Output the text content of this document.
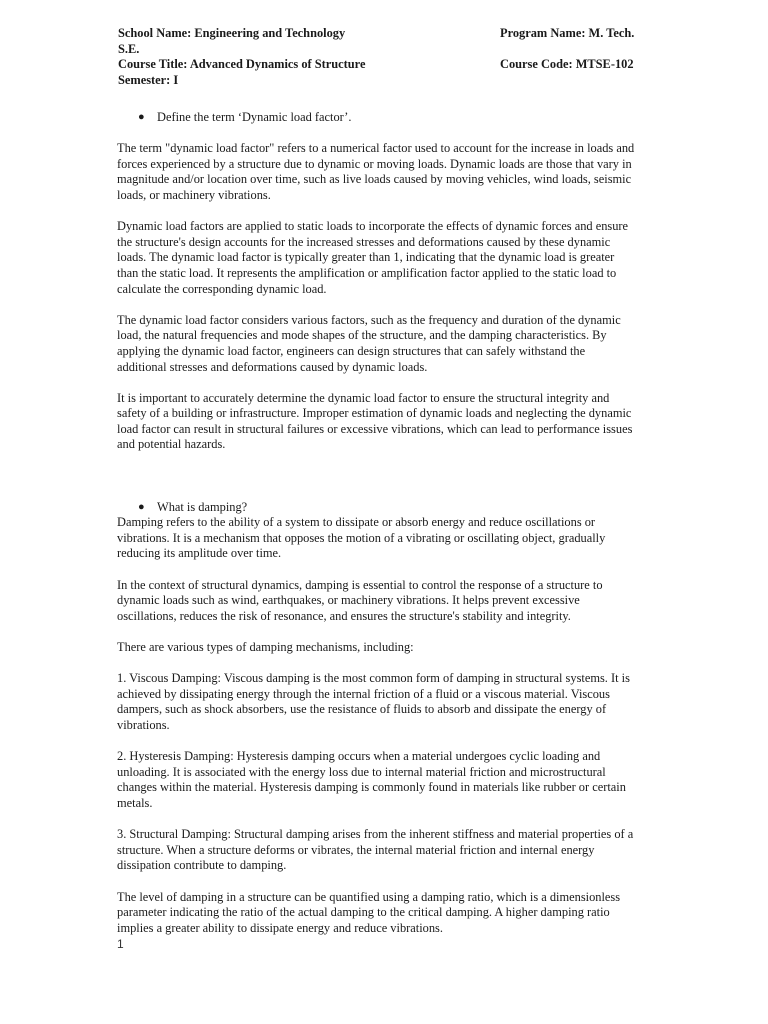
School Name: Engineering and Technology	Program Name: M. Tech.
S.E.
Course Title: Advanced Dynamics of Structure	Course Code: MTSE-102
Semester: I
● Define the term ‘Dynamic load factor’.

The term "dynamic load factor" refers to a numerical factor used to account for the increase in loads and forces experienced by a structure due to dynamic or moving loads. Dynamic loads are those that vary in magnitude and/or location over time, such as live loads caused by moving vehicles, wind loads, seismic loads, or machinery vibrations.

Dynamic load factors are applied to static loads to incorporate the effects of dynamic forces and ensure the structure's design accounts for the increased stresses and deformations caused by these dynamic loads. The dynamic load factor is typically greater than 1, indicating that the dynamic load is greater than the static load. It represents the amplification or amplification factor applied to the static load to calculate the corresponding dynamic load.

The dynamic load factor considers various factors, such as the frequency and duration of the dynamic load, the natural frequencies and mode shapes of the structure, and the damping characteristics. By applying the dynamic load factor, engineers can design structures that can safely withstand the additional stresses and deformations caused by dynamic loads.

It is important to accurately determine the dynamic load factor to ensure the structural integrity and safety of a building or infrastructure. Improper estimation of dynamic loads and neglecting the dynamic load factor can result in structural failures or excessive vibrations, which can lead to performance issues and potential hazards.

● What is damping?

Damping refers to the ability of a system to dissipate or absorb energy and reduce oscillations or vibrations. It is a mechanism that opposes the motion of a vibrating or oscillating object, gradually reducing its amplitude over time.

In the context of structural dynamics, damping is essential to control the response of a structure to dynamic loads such as wind, earthquakes, or machinery vibrations. It helps prevent excessive oscillations, reduces the risk of resonance, and ensures the structure's stability and integrity.

There are various types of damping mechanisms, including:

1. Viscous Damping: Viscous damping is the most common form of damping in structural systems. It is achieved by dissipating energy through the internal friction of a fluid or a viscous material. Viscous dampers, such as shock absorbers, use the resistance of fluids to absorb and dissipate the energy of vibrations.

2. Hysteresis Damping: Hysteresis damping occurs when a material undergoes cyclic loading and unloading. It is associated with the energy loss due to internal material friction and microstructural changes within the material. Hysteresis damping is commonly found in materials like rubber or certain metals.

3. Structural Damping: Structural damping arises from the inherent stiffness and material properties of a structure. When a structure deforms or vibrates, the internal material friction and internal energy dissipation contribute to damping.

The level of damping in a structure can be quantified using a damping ratio, which is a dimensionless parameter indicating the ratio of the actual damping to the critical damping. A higher damping ratio implies a greater ability to dissipate energy and reduce vibrations.

1
